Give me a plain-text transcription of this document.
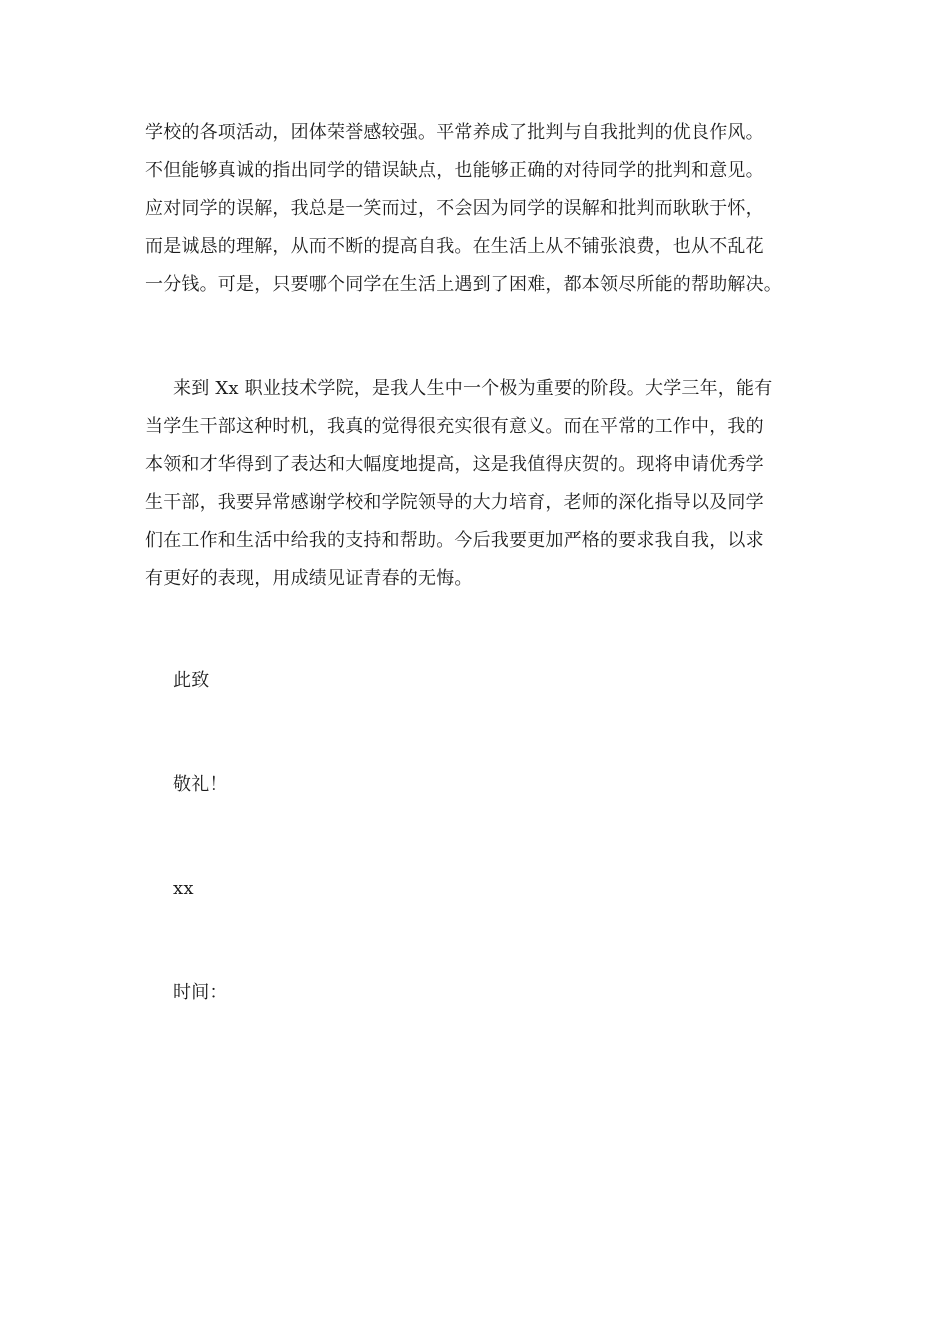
学校的各项活动，团体荣誉感较强。平常养成了批判与自我批判的优良作风。
不但能够真诚的指出同学的错误缺点，也能够正确的对待同学的批判和意见。
应对同学的误解，我总是一笑而过，不会因为同学的误解和批判而耿耿于怀，
而是诚恳的理解，从而不断的提高自我。在生活上从不铺张浪费，也从不乱花
一分钱。可是，只要哪个同学在生活上遇到了困难，都本领尽所能的帮助解决。
来到 Xx 职业技术学院，是我人生中一个极为重要的阶段。大学三年，能有
当学生干部这种时机，我真的觉得很充实很有意义。而在平常的工作中，我的
本领和才华得到了表达和大幅度地提高，这是我值得庆贺的。现将申请优秀学
生干部，我要异常感谢学校和学院领导的大力培育，老师的深化指导以及同学
们在工作和生活中给我的支持和帮助。今后我要更加严格的要求我自我，以求
有更好的表现，用成绩见证青春的无悔。
此致
敬礼！
xx
时间：
